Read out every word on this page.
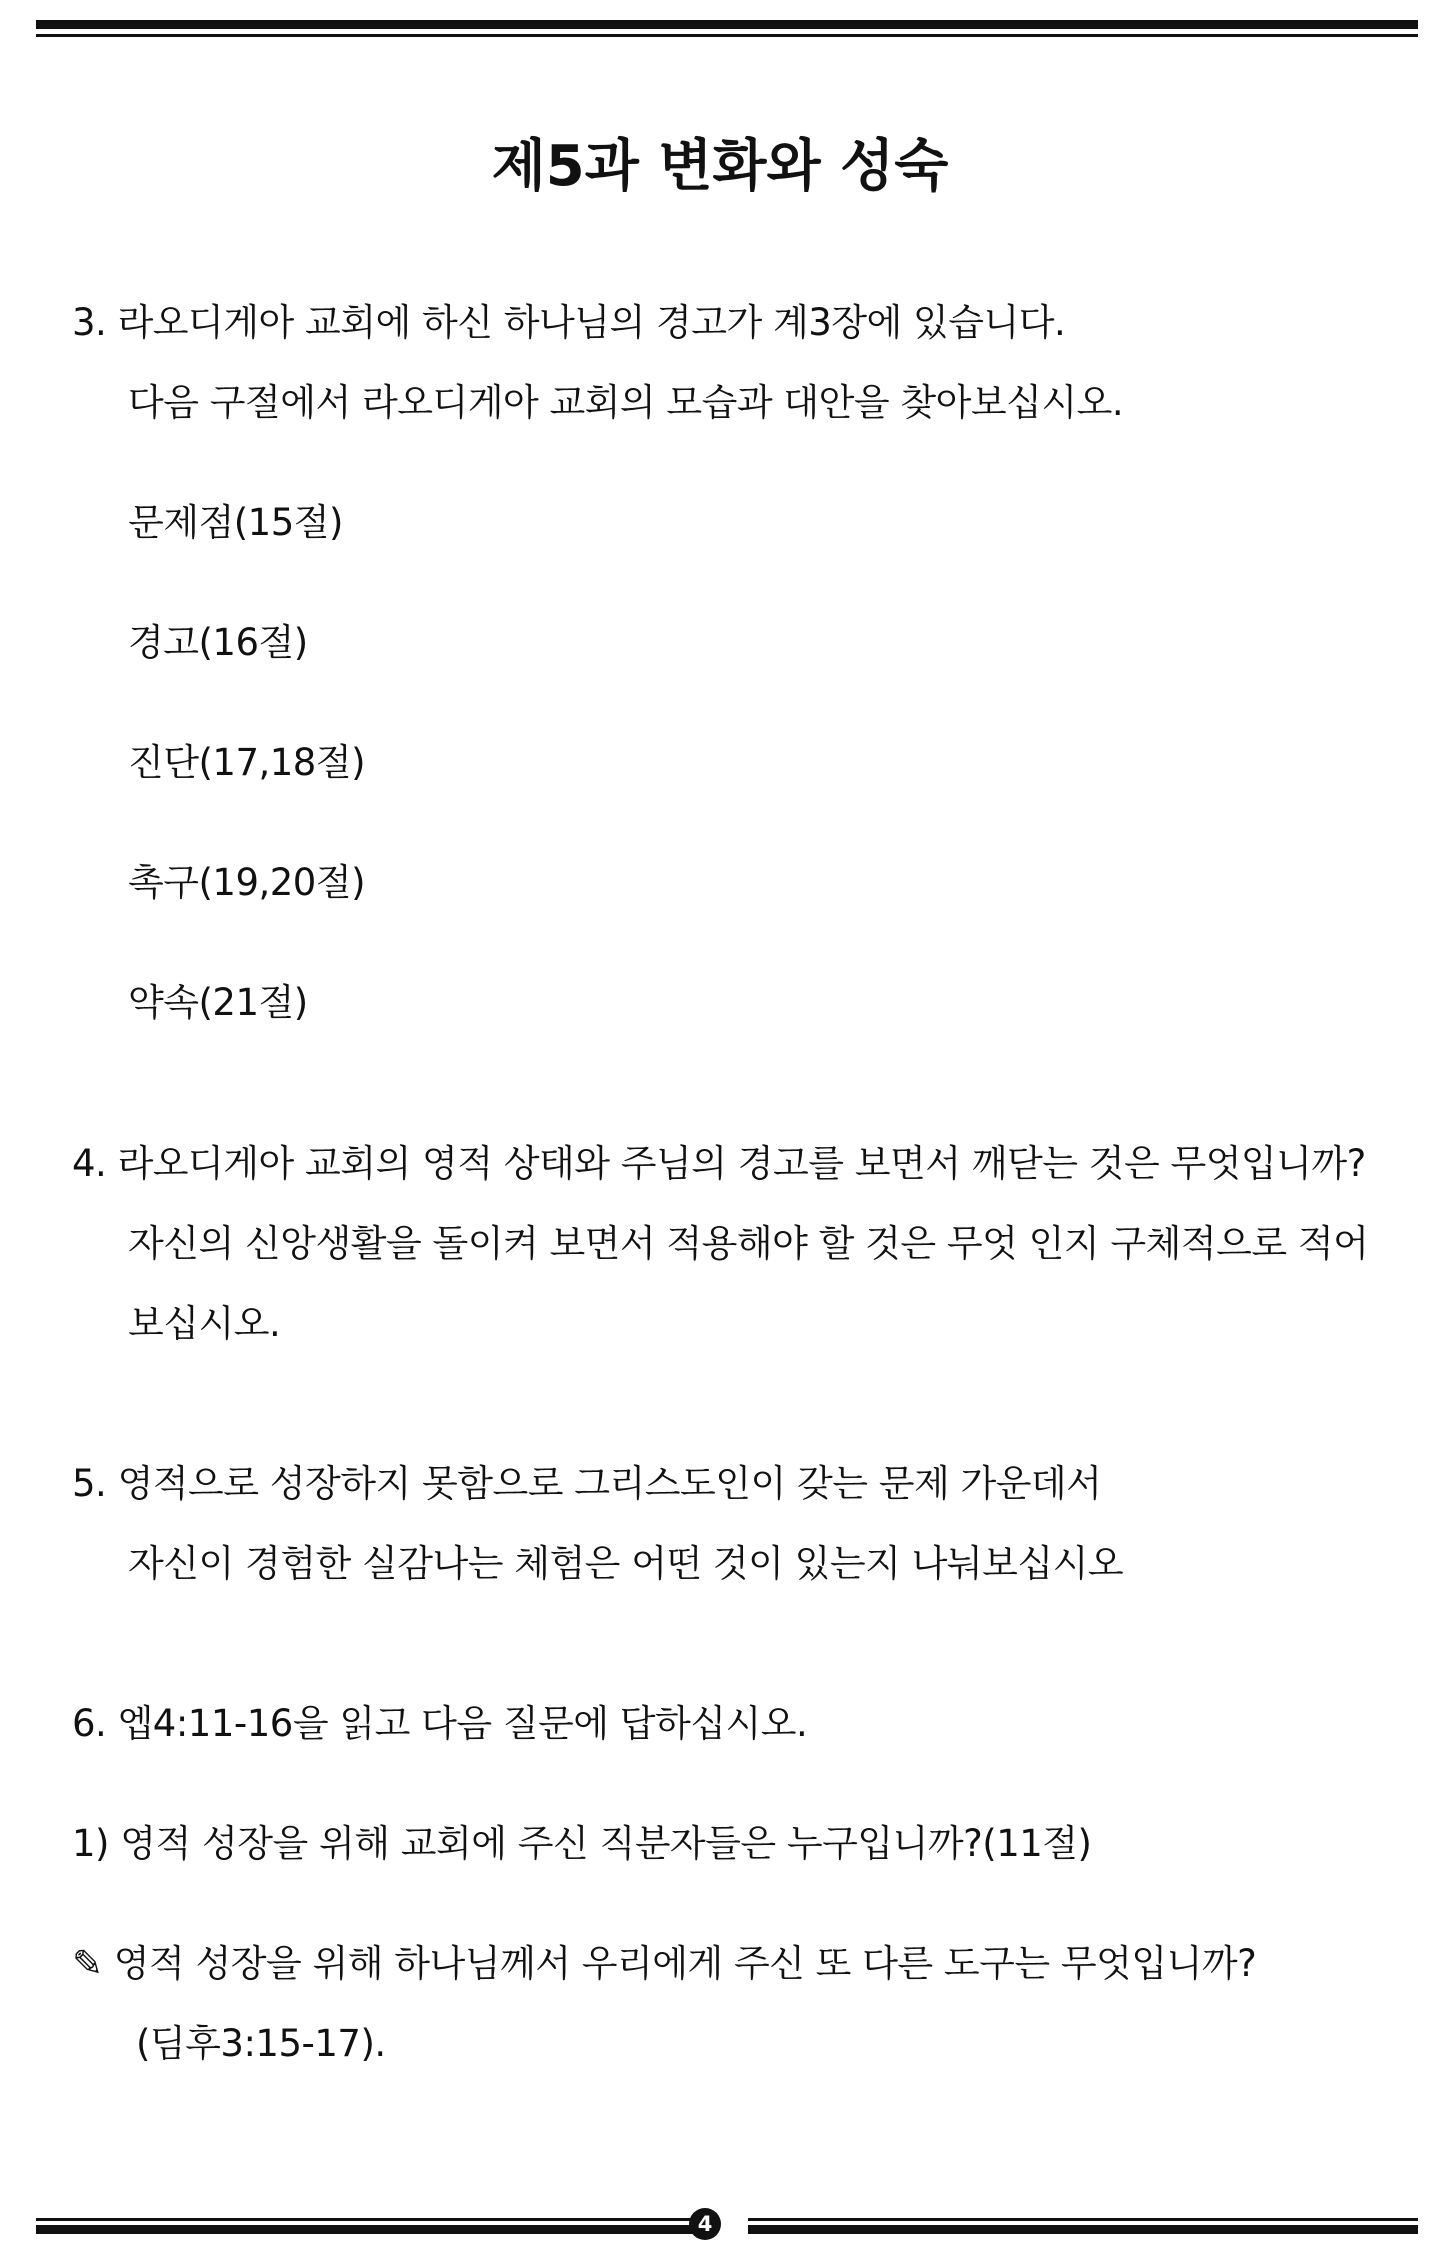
제5과 변화와 성숙
3. 라오디게아 교회에 하신 하나님의 경고가 계3장에 있습니다.
다음 구절에서 라오디게아 교회의 모습과 대안을 찾아보십시오.
문제점(15절)
경고(16절)
진단(17,18절)
촉구(19,20절)
약속(21절)
4. 라오디게아 교회의 영적 상태와 주님의 경고를 보면서 깨닫는 것은 무엇입니까?
자신의 신앙생활을 돌이켜 보면서 적용해야 할 것은 무엇 인지 구체적으로 적어
보십시오.
5. 영적으로 성장하지 못함으로 그리스도인이 갖는 문제 가운데서
자신이 경험한 실감나는 체험은 어떤 것이 있는지 나눠보십시오
6. 엡4:11-16을 읽고 다음 질문에 답하십시오.
1) 영적 성장을 위해 교회에 주신 직분자들은 누구입니까?(11절)
✎ 영적 성장을 위해 하나님께서 우리에게 주신 또 다른 도구는 무엇입니까?
(딤후3:15-17).
4
